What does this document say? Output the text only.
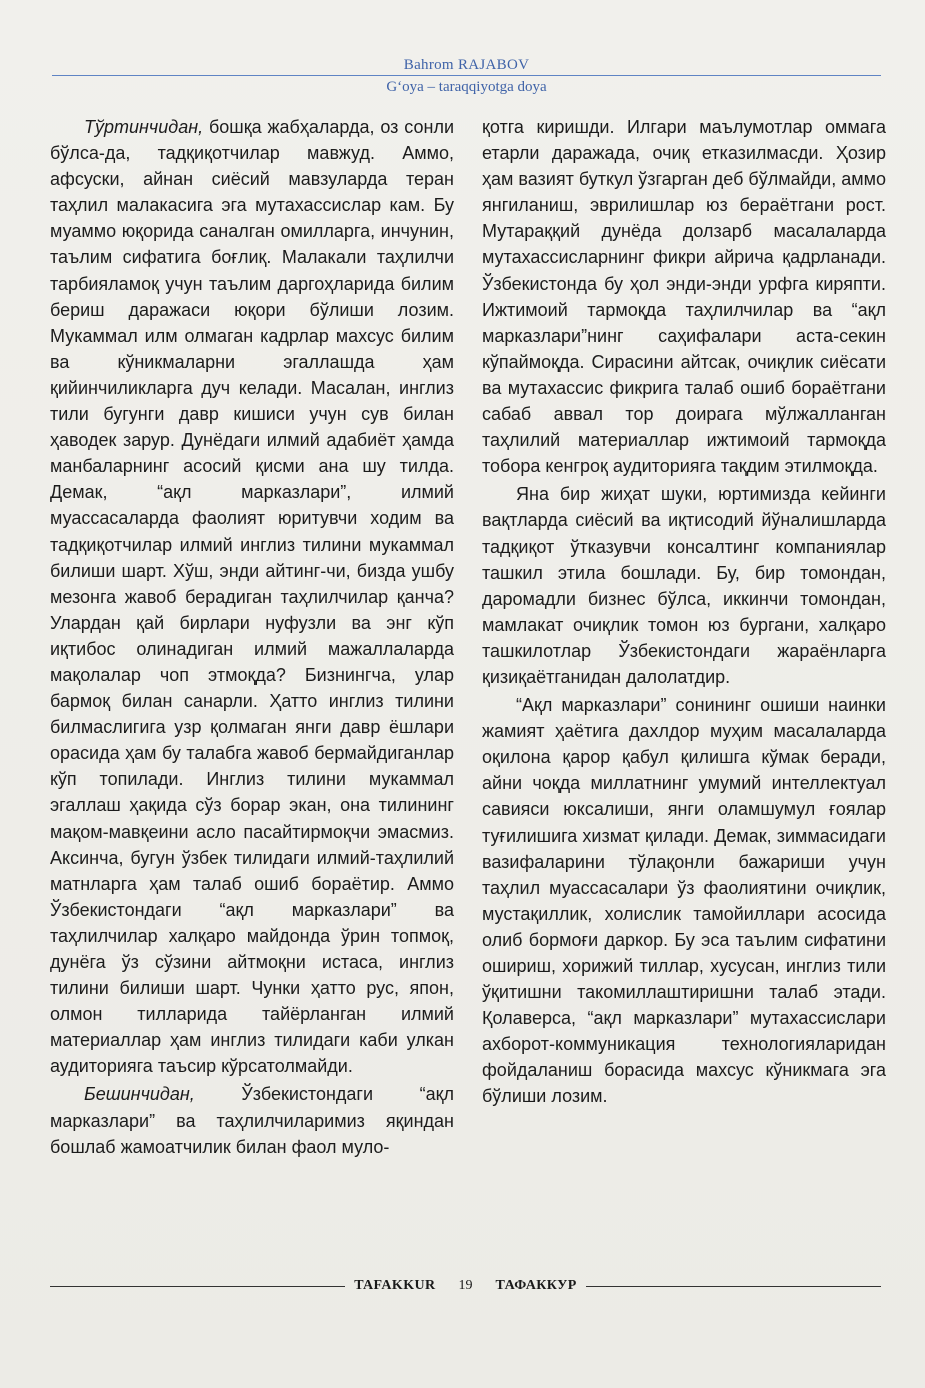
Bahrom RAJABOV
G‘oya – taraqqiyotga doya

Тўртинчидан, бошқа жабҳаларда, оз сонли бўлса-да, тадқиқотчилар мавжуд. Аммо, афсуски, айнан сиёсий мавзуларда теран таҳлил малакасига эга мутахассислар кам. Бу муаммо юқорида саналган омилларга, инчунин, таълим сифатига боғлиқ. Малакали таҳлилчи тарбияламоқ учун таълим даргоҳларида билим бериш даражаси юқори бўлиши лозим. Мукаммал илм олмаган кадрлар махсус билим ва кўникмаларни эгаллашда ҳам қийинчиликларга дуч келади. Масалан, инглиз тили бугунги давр кишиси учун сув билан ҳаводек зарур. Дунёдаги илмий адабиёт ҳамда манбаларнинг асосий қисми ана шу тилда. Демак, “ақл марказлари”, илмий муассасаларда фаолият юритувчи ходим ва тадқиқотчилар илмий инглиз тилини мукаммал билиши шарт. Хўш, энди айтинг-чи, бизда ушбу мезонга жавоб берадиган таҳлилчилар қанча? Улардан қай бирлари нуфузли ва энг кўп иқтибос олинадиган илмий мажаллаларда мақолалар чоп этмоқда? Бизнингча, улар бармоқ билан санарли. Ҳатто инглиз тилини билмаслигига узр қолмаган янги давр ёшлари орасида ҳам бу талабга жавоб бермайдиганлар кўп топилади. Инглиз тилини мукаммал эгаллаш ҳақида сўз борар экан, она тилининг мақом-мавқеини асло пасайтирмоқчи эмасмиз. Аксинча, бугун ўзбек тилидаги илмий-таҳлилий матнларга ҳам талаб ошиб бораётир. Аммо Ўзбекистондаги “ақл марказлари” ва таҳлилчилар халқаро майдонда ўрин топмоқ, дунёга ўз сўзини айтмоқни истаса, инглиз тилини билиши шарт. Чунки ҳатто рус, япон, олмон тилларида тайёрланган илмий материаллар ҳам инглиз тилидаги каби улкан аудиторияга таъсир кўрсатолмайди.

Бешинчидан, Ўзбекистондаги “ақл марказлари” ва таҳлилчиларимиз яқиндан бошлаб жамоатчилик билан фаол муло-

қотга киришди. Илгари маълумотлар оммага етарли даражада, очиқ етказилмасди. Ҳозир ҳам вазият буткул ўзгарган деб бўлмайди, аммо янгиланиш, эврилишлар юз бераётгани рост. Мутараққий дунёда долзарб масалаларда мутахассисларнинг фикри айрича қадрланади. Ўзбекистонда бу ҳол энди-энди урфга киряпти. Ижтимоий тармоқда таҳлилчилар ва “ақл марказлари”нинг саҳифалари аста-секин кўпаймоқда. Сирасини айтсак, очиқлик сиёсати ва мутахассис фикрига талаб ошиб бораётгани сабаб аввал тор доирага мўлжалланган таҳлилий материаллар ижтимоий тармоқда тобора кенгроқ аудиторияга тақдим этилмоқда.

Яна бир жиҳат шуки, юртимизда кейинги вақтларда сиёсий ва иқтисодий йўналишларда тадқиқот ўтказувчи консалтинг компаниялар ташкил этила бошлади. Бу, бир томондан, даромадли бизнес бўлса, иккинчи томондан, мамлакат очиқлик томон юз бургани, халқаро ташкилотлар Ўзбекистондаги жараёнларга қизиқаётганидан далолатдир.

“Ақл марказлари” сонининг ошиши наинки жамият ҳаётига дахлдор муҳим масалаларда оқилона қарор қабул қилишга кўмак беради, айни чоқда миллатнинг умумий интеллектуал савияси юксалиши, янги оламшумул ғоялар туғилишига хизмат қилади. Демак, зиммасидаги вазифаларини тўлақонли бажариши учун таҳлил муассасалари ўз фаолиятини очиқлик, мустақиллик, холислик тамойиллари асосида олиб бормоғи даркор. Бу эса таълим сифатини ошириш, хорижий тиллар, хусусан, инглиз тили ўқитишни такомиллаштиришни талаб этади. Қолаверса, “ақл марказлари” мутахассислари ахборот-коммуникация технологияларидан фойдаланиш борасида махсус кўникмага эга бўлиши лозим.

TAFAKKUR	19	ТАФАККУР
